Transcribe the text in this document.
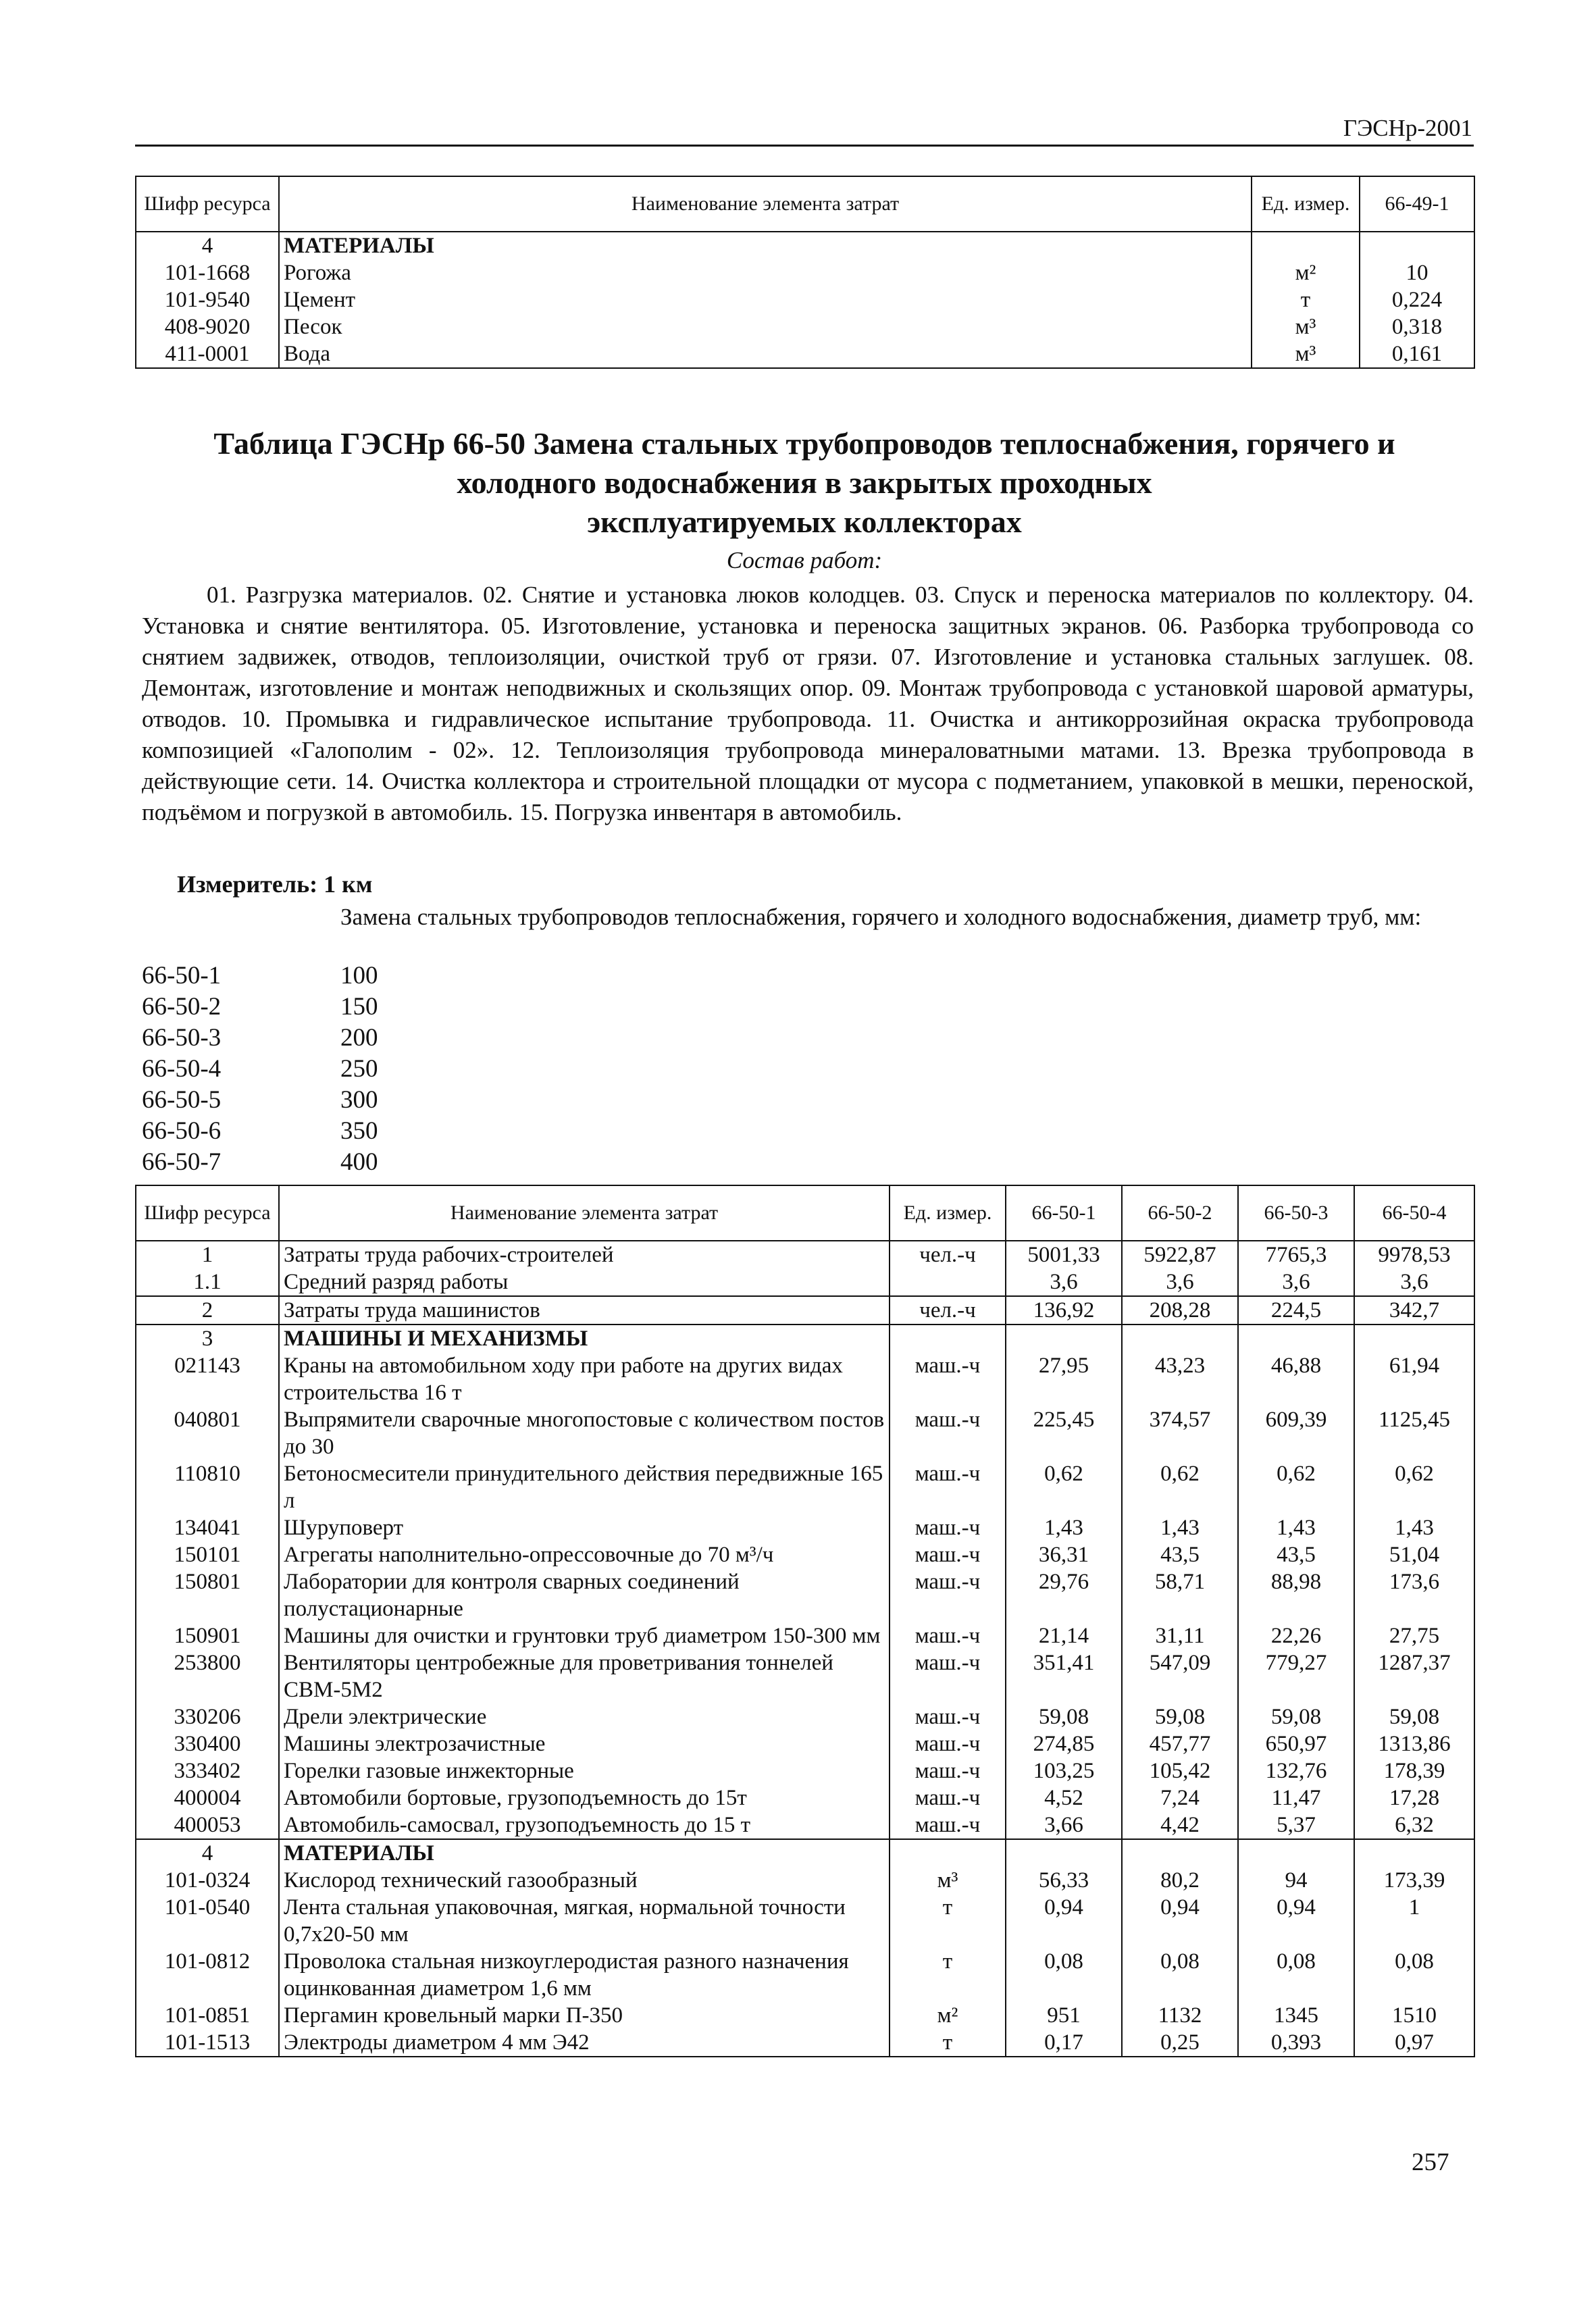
ГЭСНр-2001
Шифр ресурса	Наименование элемента затрат	Ед. измер.	66-49-1
4	МАТЕРИАЛЫ		
101-1668	Рогожа	м²	10
101-9540	Цемент	т	0,224
408-9020	Песок	м³	0,318
411-0001	Вода	м³	0,161
Таблица ГЭСНр 66-50 Замена стальных трубопроводов теплоснабжения, горячего и
холодного водоснабжения в закрытых проходных
эксплуатируемых коллекторах
Состав работ:
01. Разгрузка материалов. 02. Снятие и установка люков колодцев. 03. Спуск и переноска материалов по коллектору. 04. Установка и снятие вентилятора. 05. Изготовление, установка и переноска защитных экранов. 06. Разборка трубопровода со снятием задвижек, отводов, теплоизоляции, очисткой труб от грязи. 07. Изготовление и установка стальных заглушек. 08. Демонтаж, изготовление и монтаж неподвижных и скользящих опор. 09. Монтаж трубопровода с установкой шаровой арматуры, отводов. 10. Промывка и гидравлическое испытание трубопровода. 11. Очистка и антикоррозийная окраска трубопровода композицией «Галополим - 02». 12. Теплоизоляция трубопровода минераловатными матами. 13. Врезка трубопровода в действующие сети. 14. Очистка коллектора и строительной площадки от мусора с подметанием, упаковкой в мешки, переноской, подъёмом и погрузкой в автомобиль. 15. Погрузка инвентаря в автомобиль.
Измеритель: 1 км
Замена стальных трубопроводов теплоснабжения, горячего и холодного водоснабжения, диаметр труб, мм:
66-50-1	100
66-50-2	150
66-50-3	200
66-50-4	250
66-50-5	300
66-50-6	350
66-50-7	400
Шифр ресурса	Наименование элемента затрат	Ед. измер.	66-50-1	66-50-2	66-50-3	66-50-4
1	Затраты труда рабочих-строителей	чел.-ч	5001,33	5922,87	7765,3	9978,53
1.1	Средний разряд работы		3,6	3,6	3,6	3,6
2	Затраты труда машинистов	чел.-ч	136,92	208,28	224,5	342,7
3	МАШИНЫ И МЕХАНИЗМЫ					
021143	Краны на автомобильном ходу при работе на других видах строительства 16 т	маш.-ч	27,95	43,23	46,88	61,94
040801	Выпрямители сварочные многопостовые с количеством постов до 30	маш.-ч	225,45	374,57	609,39	1125,45
110810	Бетоносмесители принудительного действия передвижные 165 л	маш.-ч	0,62	0,62	0,62	0,62
134041	Шуруповерт	маш.-ч	1,43	1,43	1,43	1,43
150101	Агрегаты наполнительно-опрессовочные до 70 м³/ч	маш.-ч	36,31	43,5	43,5	51,04
150801	Лаборатории для контроля сварных соединений полустационарные	маш.-ч	29,76	58,71	88,98	173,6
150901	Машины для очистки и грунтовки труб диаметром 150-300 мм	маш.-ч	21,14	31,11	22,26	27,75
253800	Вентиляторы центробежные для проветривания тоннелей СВМ-5М2	маш.-ч	351,41	547,09	779,27	1287,37
330206	Дрели электрические	маш.-ч	59,08	59,08	59,08	59,08
330400	Машины электрозачистные	маш.-ч	274,85	457,77	650,97	1313,86
333402	Горелки газовые инжекторные	маш.-ч	103,25	105,42	132,76	178,39
400004	Автомобили бортовые, грузоподъемность до 15т	маш.-ч	4,52	7,24	11,47	17,28
400053	Автомобиль-самосвал, грузоподъемность до 15 т	маш.-ч	3,66	4,42	5,37	6,32
4	МАТЕРИАЛЫ					
101-0324	Кислород технический газообразный	м³	56,33	80,2	94	173,39
101-0540	Лента стальная упаковочная, мягкая, нормальной точности 0,7х20-50 мм	т	0,94	0,94	0,94	1
101-0812	Проволока стальная низкоуглеродистая разного назначения оцинкованная диаметром 1,6 мм	т	0,08	0,08	0,08	0,08
101-0851	Пергамин кровельный марки П-350	м²	951	1132	1345	1510
101-1513	Электроды диаметром 4 мм Э42	т	0,17	0,25	0,393	0,97
257
